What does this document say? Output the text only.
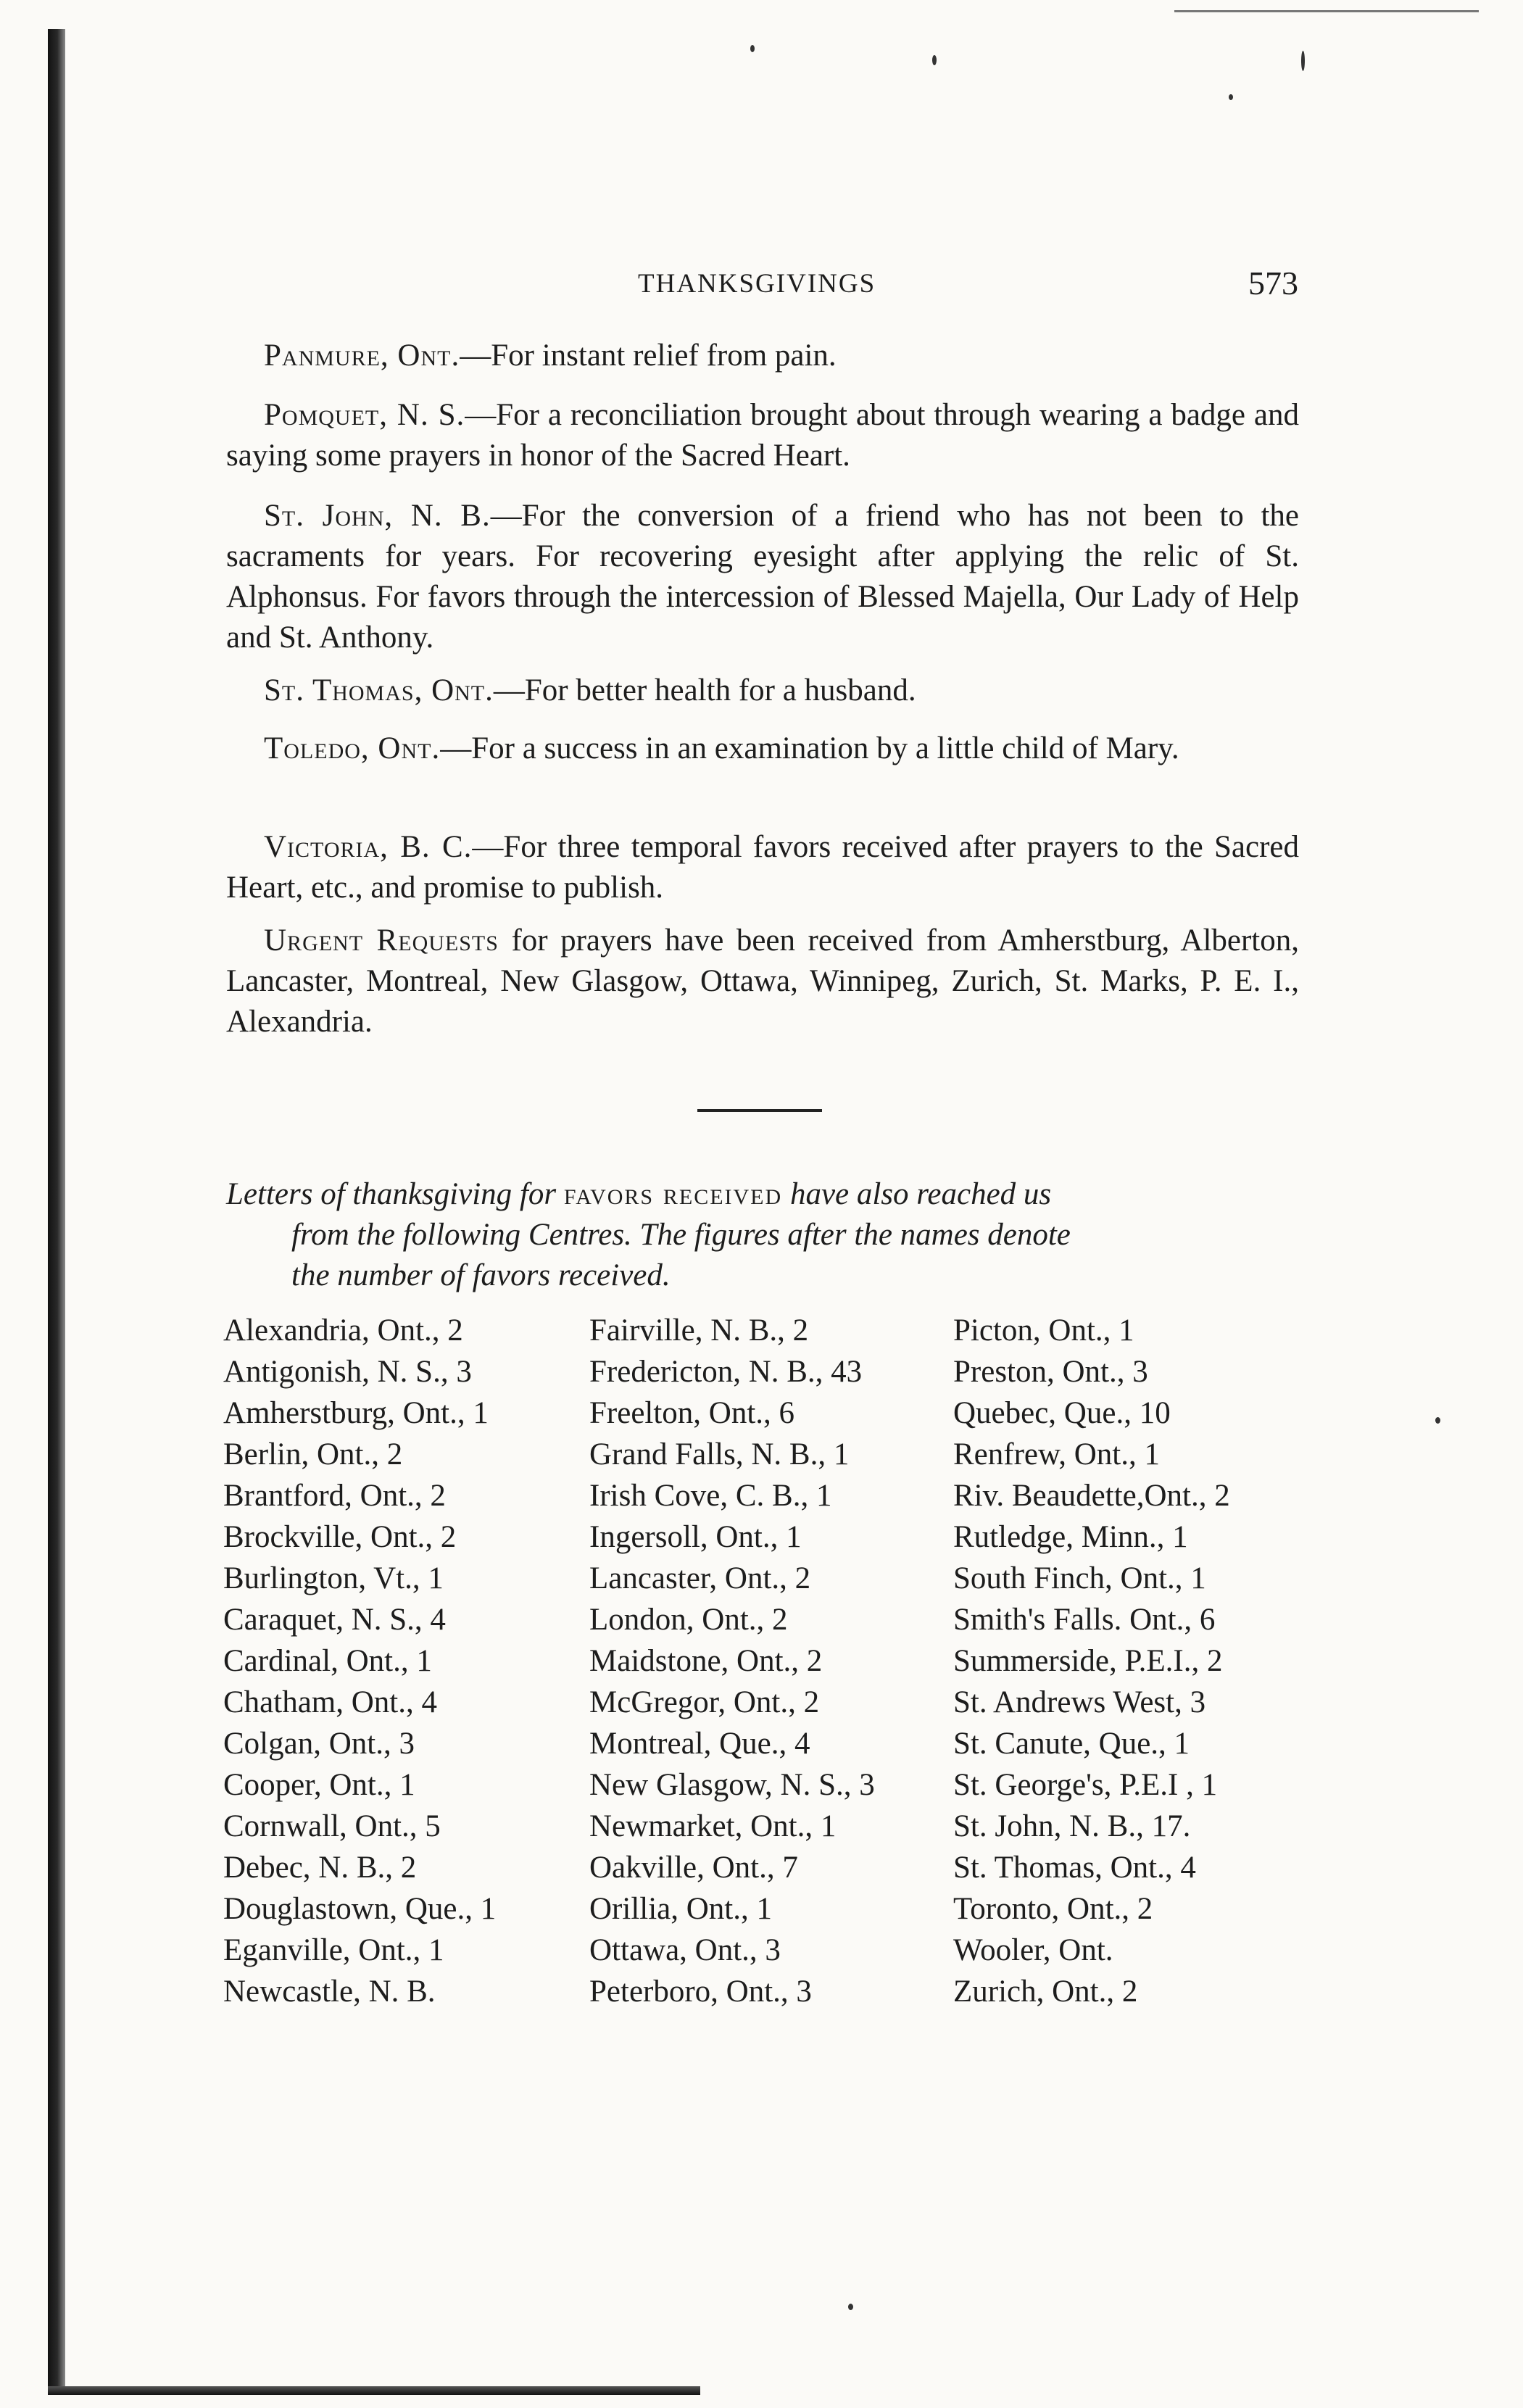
THANKSGIVINGS	573

Panmure, Ont.—For instant relief from pain.

Pomquet, N. S.—For a reconciliation brought about through wearing a badge and saying some prayers in honor of the Sacred Heart.

St. John, N. B.—For the conversion of a friend who has not been to the sacraments for years. For recovering eyesight after applying the relic of St. Alphonsus. For favors through the intercession of Blessed Majella, Our Lady of Help and St. Anthony.

St. Thomas, Ont.—For better health for a husband.

Toledo, Ont.—For a success in an examination by a little child of Mary.

Victoria, B. C.—For three temporal favors received after prayers to the Sacred Heart, etc., and promise to publish.

Urgent Requests for prayers have been received from Amherstburg, Alberton, Lancaster, Montreal, New Glasgow, Ottawa, Winnipeg, Zurich, St. Marks, P. E. I., Alexandria.

Letters of thanksgiving for favors received have also reached us
from the following Centres. The figures after the names denote
the number of favors received.

Alexandria, Ont., 2
Antigonish, N. S., 3
Amherstburg, Ont., 1
Berlin, Ont., 2
Brantford, Ont., 2
Brockville, Ont., 2
Burlington, Vt., 1
Caraquet, N. S., 4
Cardinal, Ont., 1
Chatham, Ont., 4
Colgan, Ont., 3
Cooper, Ont., 1
Cornwall, Ont., 5
Debec, N. B., 2
Douglastown, Que., 1
Eganville, Ont., 1
Newcastle, N. B.
Fairville, N. B., 2
Fredericton, N. B., 43
Freelton, Ont., 6
Grand Falls, N. B., 1
Irish Cove, C. B., 1
Ingersoll, Ont., 1
Lancaster, Ont., 2
London, Ont., 2
Maidstone, Ont., 2
McGregor, Ont., 2
Montreal, Que., 4
New Glasgow, N. S., 3
Newmarket, Ont., 1
Oakville, Ont., 7
Orillia, Ont., 1
Ottawa, Ont., 3
Peterboro, Ont., 3
Picton, Ont., 1
Preston, Ont., 3
Quebec, Que., 10
Renfrew, Ont., 1
Riv. Beaudette,Ont., 2
Rutledge, Minn., 1
South Finch, Ont., 1
Smith's Falls. Ont., 6
Summerside, P.E.I., 2
St. Andrews West, 3
St. Canute, Que., 1
St. George's, P.E.I , 1
St. John, N. B., 17.
St. Thomas, Ont., 4
Toronto, Ont., 2
Wooler, Ont.
Zurich, Ont., 2
